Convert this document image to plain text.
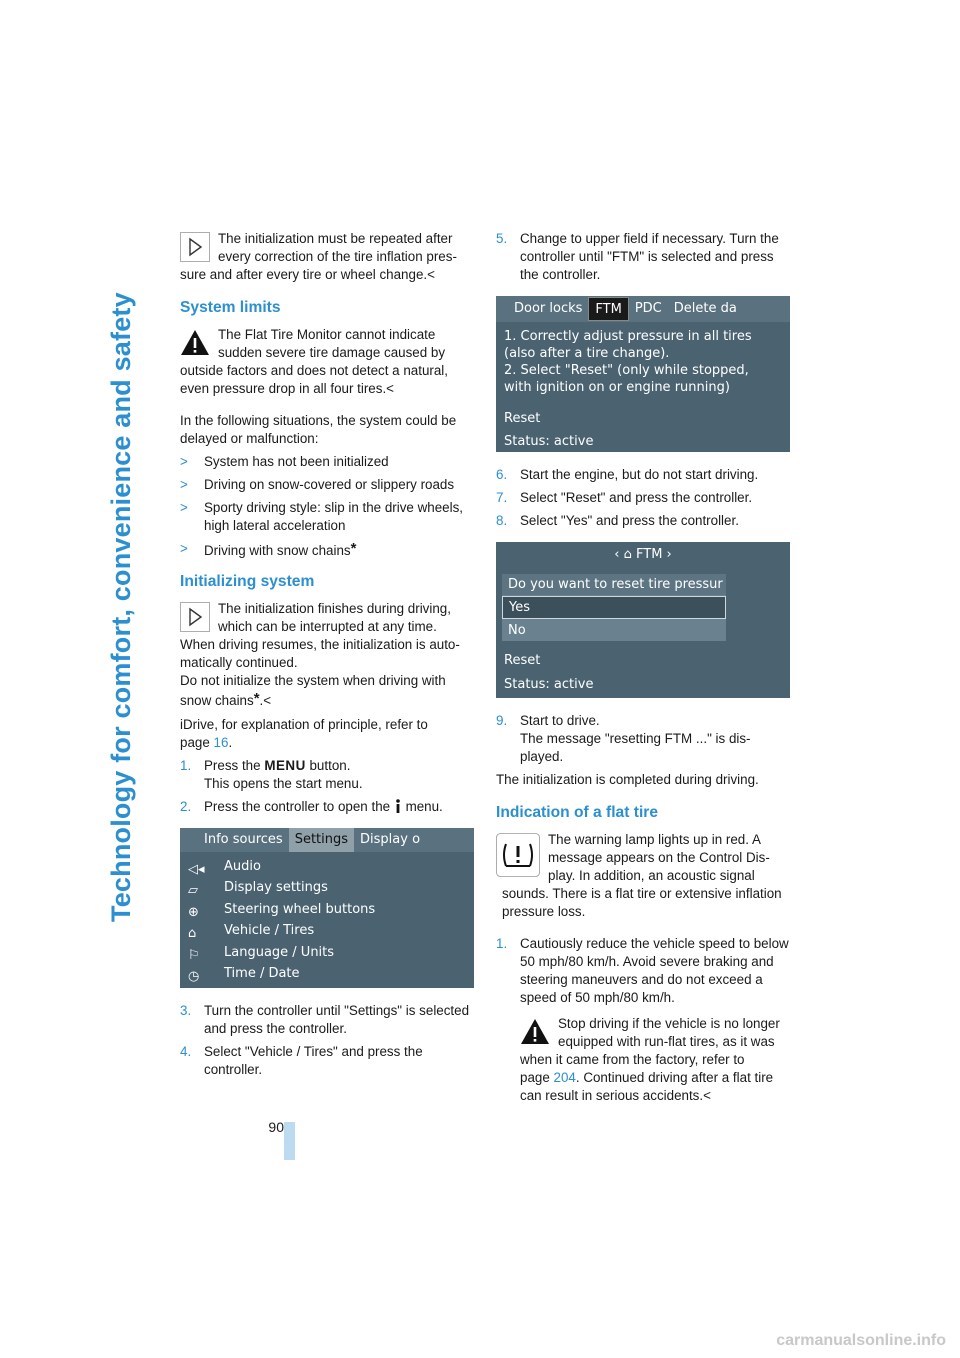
Technology for comfort, convenience and safety
90
The initialization must be repeated after
every correction of the tire inflation pres-
sure and after every tire or wheel change.<
System limits
The Flat Tire Monitor cannot indicate
sudden severe tire damage caused by
outside factors and does not detect a natural,
even pressure drop in all four tires.<

In the following situations, the system could be
delayed or malfunction:

> System has not been initialized
> Driving on snow-covered or slippery roads
> Sporty driving style: slip in the drive wheels, high lateral acceleration
> Driving with snow chains*
Initializing system
The initialization finishes during driving,
which can be interrupted at any time.
When driving resumes, the initialization is auto-
matically continued.
Do not initialize the system when driving with
snow chains*.<

iDrive, for explanation of principle, refer to
page 16.

1. Press the MENU button.
This opens the start menu.
2. Press the controller to open the menu.
Info sources Settings Display o
◁◂	Audio
▱	Display settings
⊕	Steering wheel buttons
⌂	Vehicle / Tires
⚐	Language / Units
◷	Time / Date
3. Turn the controller until "Settings" is selected and press the controller.
4. Select "Vehicle / Tires" and press the controller.
5. Change to upper field if necessary. Turn the controller until "FTM" is selected and press the controller.
Door locks	FTM	PDC Delete da
1. Correctly adjust pressure in all tires
(also after a tire change).
2. Select "Reset" (only while stopped,
with ignition on or engine running)
Reset
Status: active
6. Start the engine, but do not start driving.
7. Select "Reset" and press the controller.
8. Select "Yes" and press the controller.
‹ ⌂ FTM ›
Do you want to reset tire pressur
Yes
No
Reset
Status: active
9. Start to drive.
The message "resetting FTM ..." is dis-
played.

The initialization is completed during driving.

Indication of a flat tire
The warning lamp lights up in red. A
message appears on the Control Dis-
play. In addition, an acoustic signal
sounds. There is a flat tire or extensive inflation
pressure loss.
1. Cautiously reduce the vehicle speed to below 50 mph/80 km/h. Avoid severe braking and steering maneuvers and do not exceed a speed of 50 mph/80 km/h.
Stop driving if the vehicle is no longer
equipped with run-flat tires, as it was
when it came from the factory, refer to
page 204. Continued driving after a flat tire
can result in serious accidents.<
carmanualsonline.info
